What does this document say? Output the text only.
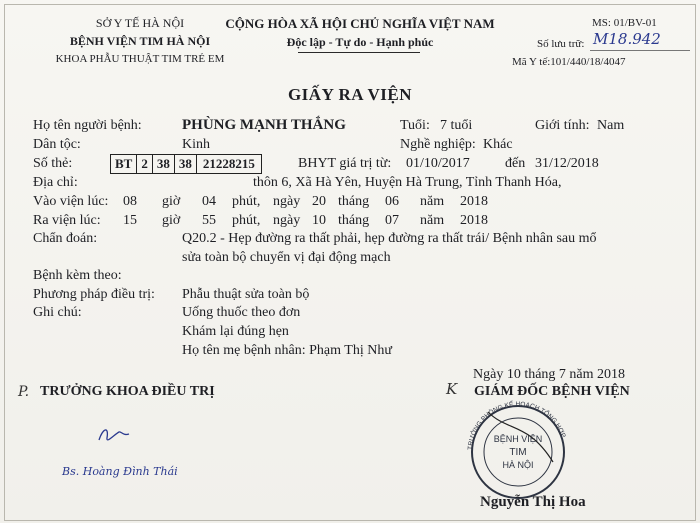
SỞ Y TẾ HÀ NỘI
BỆNH VIỆN TIM HÀ NỘI
KHOA PHẪU THUẬT TIM TRẺ EM
CỘNG HÒA XÃ HỘI CHỦ NGHĨA VIỆT NAM
Độc lập - Tự do - Hạnh phúc
MS: 01/BV-01
Số lưu trữ: M18.942
Mã Y tế:101/440/18/4047
GIẤY RA VIỆN
Họ tên người bệnh:	PHÙNG MẠNH THẮNG	Tuổi: 7 tuổi	Giới tính: Nam
Dân tộc:	Kinh	Nghề nghiệp: Khác
Số thẻ:	BT 2 38 38 21228215	BHYT giá trị từ: 01/10/2017	đến 31/12/2018
Địa chỉ:	thôn 6, Xã Hà Yên, Huyện Hà Trung, Tỉnh Thanh Hóa,
Vào viện lúc: 08 giờ 04 phút, ngày 20 tháng 06 năm 2018
Ra viện lúc: 15 giờ 55 phút, ngày 10 tháng 07 năm 2018
Chẩn đoán:	Q20.2 - Hẹp đường ra thất phải, hẹp đường ra thất trái/ Bệnh nhân sau mổ
sửa toàn bộ chuyển vị đại động mạch
Bệnh kèm theo:
Phương pháp điều trị: Phẫu thuật sửa toàn bộ
Ghi chú:	Uống thuốc theo đơn
Khám lại đúng hẹn
Họ tên mẹ bệnh nhân: Phạm Thị Như
Ngày 10 tháng 7 năm 2018
P. TRƯỞNG KHOA ĐIỀU TRỊ	K GIÁM ĐỐC BỆNH VIỆN
Bs. Hoàng Đình Thái
TRƯỞNG PHÒNG KẾ HOẠCH TỔNG HỢP
BỆNH VIỆN
TIM
HÀ NỘI
Nguyễn Thị Hoa
